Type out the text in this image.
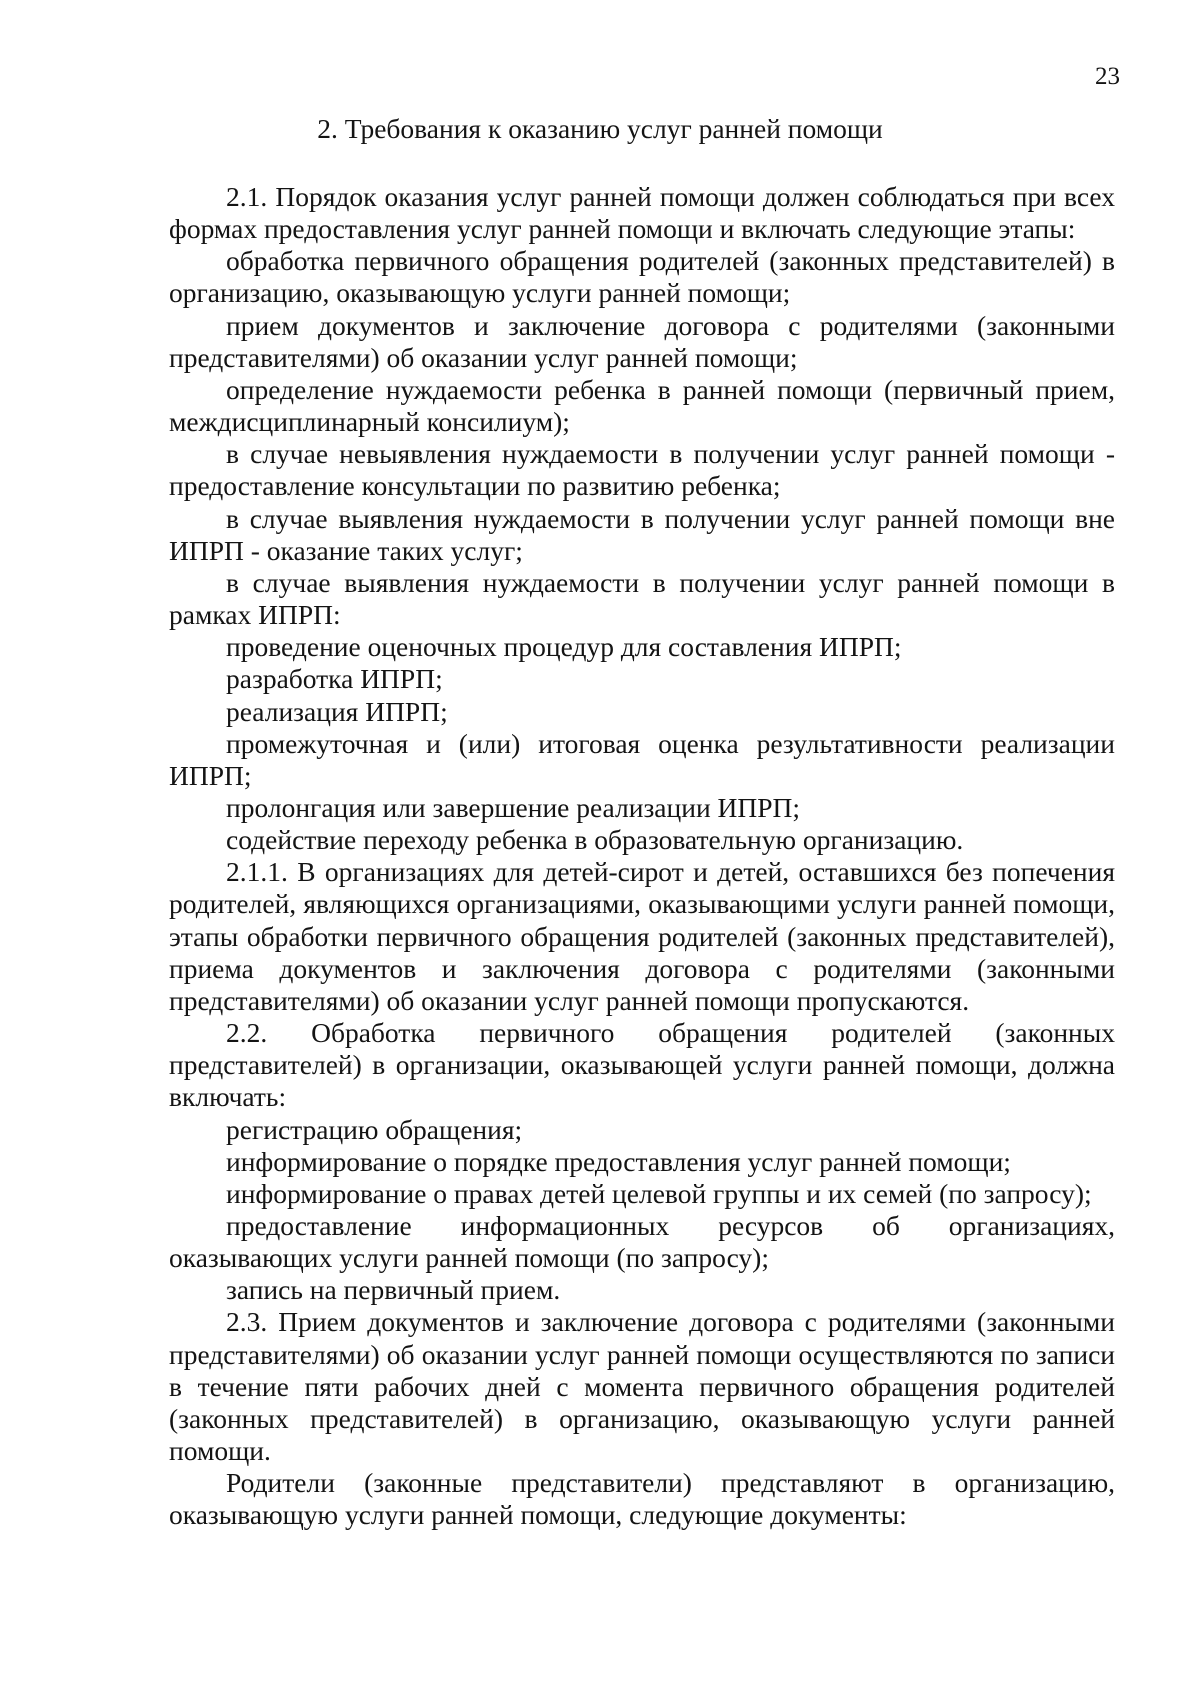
23
2. Требования к оказанию услуг ранней помощи

2.1. Порядок оказания услуг ранней помощи должен соблюдаться при всех формах предоставления услуг ранней помощи и включать следующие этапы:

обработка первичного обращения родителей (законных представителей) в организацию, оказывающую услуги ранней помощи;

прием документов и заключение договора с родителями (законными представителями) об оказании услуг ранней помощи;

определение нуждаемости ребенка в ранней помощи (первичный прием, междисциплинарный консилиум);

в случае невыявления нуждаемости в получении услуг ранней помощи - предоставление консультации по развитию ребенка;

в случае выявления нуждаемости в получении услуг ранней помощи вне ИПРП - оказание таких услуг;

в случае выявления нуждаемости в получении услуг ранней помощи в рамках ИПРП:

проведение оценочных процедур для составления ИПРП;

разработка ИПРП;

реализация ИПРП;

промежуточная и (или) итоговая оценка результативности реализации ИПРП;

пролонгация или завершение реализации ИПРП;

содействие переходу ребенка в образовательную организацию.

2.1.1. В организациях для детей-сирот и детей, оставшихся без попечения родителей, являющихся организациями, оказывающими услуги ранней помощи, этапы обработки первичного обращения родителей (законных представителей), приема документов и заключения договора с родителями (законными представителями) об оказании услуг ранней помощи пропускаются.

2.2. Обработка первичного обращения родителей (законных представителей) в организации, оказывающей услуги ранней помощи, должна включать:

регистрацию обращения;

информирование о порядке предоставления услуг ранней помощи;

информирование о правах детей целевой группы и их семей (по запросу);

предоставление информационных ресурсов об организациях, оказывающих услуги ранней помощи (по запросу);

запись на первичный прием.

2.3. Прием документов и заключение договора с родителями (законными представителями) об оказании услуг ранней помощи осуществляются по записи в течение пяти рабочих дней с момента первичного обращения родителей (законных представителей) в организацию, оказывающую услуги ранней помощи.

Родители (законные представители) представляют в организацию, оказывающую услуги ранней помощи, следующие документы:
